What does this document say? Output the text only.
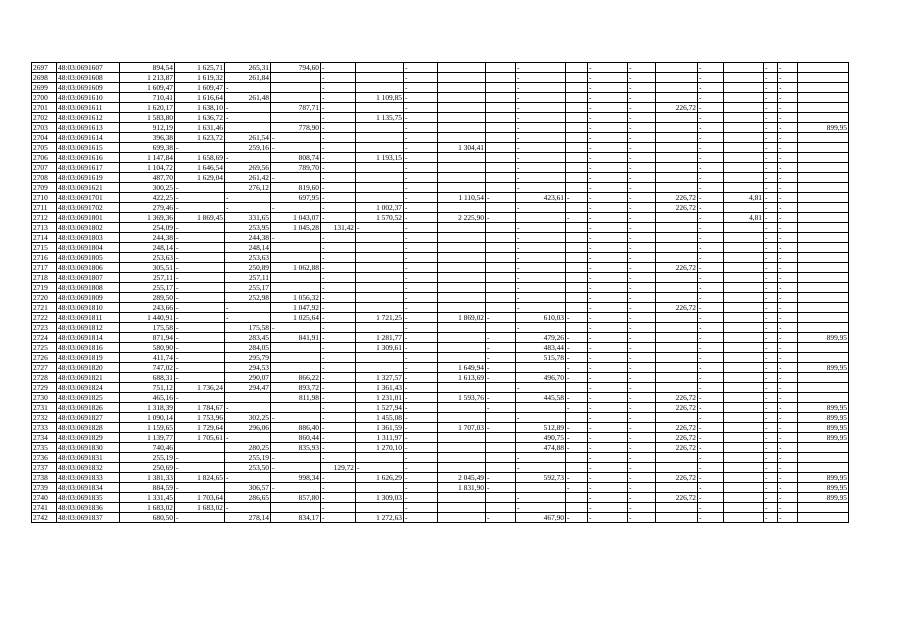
2697	48:03:0691607	894,54	1 625,71	265,31	794,60	-		-			-		-	-		-		-	-	
2698	48:03:0691608	1 213,87	1 619,32	261,84		-		-			-		-	-		-		-	-	
2699	48:03:0691609	1 609,47	1 609,47	-		-		-			-		-	-		-		-	-	
2700	48:03:0691610	710,41	1 616,64	261,48		-	1 109,85	-			-		-	-		-		-	-	
2701	48:03:0691611	1 620,17	1 638,10	-	787,71	-		-			-		-	-	226,72	-		-	-	
2702	48:03:0691612	1 583,80	1 636,72	-		-	1 135,75	-			-		-	-		-		-	-	
2703	48:03:0691613	912,19	1 631,46		778,90	-		-			-		-	-		-		-	-	899,95
2704	48:03:0691614	396,38	1 623,72	261,54	-	-		-			-		-	-		-		-	-	
2705	48:03:0691615	699,38	-	259,16	-	-		-	1 304,41		-		-	-		-		-	-	
2706	48:03:0691616	1 147,84	1 658,69	-	808,74	-	1 193,15	-			-		-	-		-		-	-	
2707	48:03:0691617	1 104,72	1 646,54	269,56	789,70	-		-			-		-	-		-		-	-	
2708	48:03:0691619	487,70	1 629,04	261,42	-	-		-			-		-	-		-		-	-	
2709	48:03:0691621	300,25	-	276,12	819,60	-		-			-		-	-		-		-	-	
2710	48:03:0691701	422,25	-	-	697,95	-		-	1 110,54	-	423,61	-	-	-	226,72	-	4,81	-	-	
2711	48:03:0691702	279,46	-	-	-	-	1 002,37	-			-		-	-	226,72	-		-	-	
2712	48:03:0691801	1 369,36	1 869,45	331,65	1 043,07	-	1 570,52	-	2 225,90	-		-	-	-		-	4,81	-	-	
2713	48:03:0691802	254,09	-	253,95	1 045,28	131,42	-	-			-		-	-		-		-	-	
2714	48:03:0691803	244,38	-	244,38	-	-		-			-		-	-		-		-	-	
2715	48:03:0691804	248,14	-	248,14		-		-			-		-	-		-		-	-	
2716	48:03:0691805	253,63	-	253,63		-		-			-		-	-		-		-	-	
2717	48:03:0691806	305,51	-	250,89	1 062,88	-		-			-		-	-	226,72	-		-	-	
2718	48:03:0691807	257,11	-	257,11		-		-			-		-	-		-		-	-	
2719	48:03:0691808	255,17	-	255,17		-		-			-		-	-		-		-	-	
2720	48:03:0691809	289,50	-	252,98	1 056,32	-		-			-		-	-		-		-	-	
2721	48:03:0691810	243,66	-	-	1 047,92	-		-			-		-	-	226,72	-		-	-	
2722	48:03:0691811	1 440,91	-	-	1 025,64	-	1 721,25	-	1 869,02	-	610,03	-	-	-		-		-	-	
2723	48:03:0691812	175,58	-	175,58	-	-		-			-		-	-		-		-	-	
2724	48:03:0691814	871,94	-	283,45	841,91	-	1 281,77	-		-	479,26	-	-	-		-		-	-	899,95
2725	48:03:0691816	580,90	-	284,05		-	1 309,61	-		-	483,44	-	-	-		-		-	-	
2726	48:03:0691819	411,74	-	295,79		-		-		-	515,78	-	-	-		-		-	-	
2727	48:03:0691820	747,02	-	294,53		-		-	1 649,94	-		-	-	-		-		-	-	899,95
2728	48:03:0691821	688,31	-	290,07	866,22	-	1 327,57	-	1 613,69	-	496,70	-	-	-		-		-	-	
2729	48:03:0691824	751,12	1 736,24	294,47	893,72	-	1 361,43	-			-		-	-		-		-	-	
2730	48:03:0691825	465,16	-		811,98	-	1 231,01	-	1 593,76	-	445,58	-	-	-	226,72	-		-	-	
2731	48:03:0691826	1 318,39	1 784,67	-		-	1 527,94	-		-		-	-	-	226,72	-		-	-	899,95
2732	48:03:0691827	1 090,14	1 753,96	302,25	-	-	1 455,08	-			-		-	-		-		-	-	899,95
2733	48:03:0691828	1 159,65	1 729,64	296,06	886,40	-	1 361,59	-	1 707,03	-	512,89	-	-	-	226,72	-		-	-	899,95
2734	48:03:0691829	1 139,77	1 705,61	-	860,44	-	1 311,97	-			490,75	-	-	-	226,72	-		-	-	899,95
2735	48:03:0691830	740,46		280,25	835,93	-	1 270,10	-			474,88	-	-	-	226,72	-		-	-	
2736	48:03:0691831	255,19	-	255,19	-	-		-			-		-	-		-		-	-	
2737	48:03:0691832	250,69	-	253,50	-	129,72	-	-			-		-	-		-		-	-	
2738	48:03:0691833	1 381,33	1 824,65	-	998,34	-	1 626,29	-	2 045,49	-	592,73	-	-	-	226,72	-		-	-	899,95
2739	48:03:0691834	884,59	-	306,57	-	-		-	1 831,90	-		-	-	-		-		-	-	899,95
2740	48:03:0691835	1 331,45	1 703,64	286,65	857,80	-	1 309,03	-			-		-	-	226,72	-		-	-	899,95
2741	48:03:0691836	1 683,02	1 683,02	-		-		-			-		-	-		-		-	-	
2742	48:03:0691837	680,50	-	278,14	834,17	-	1 272,63	-		-	467,90	-	-	-		-		-	-	
